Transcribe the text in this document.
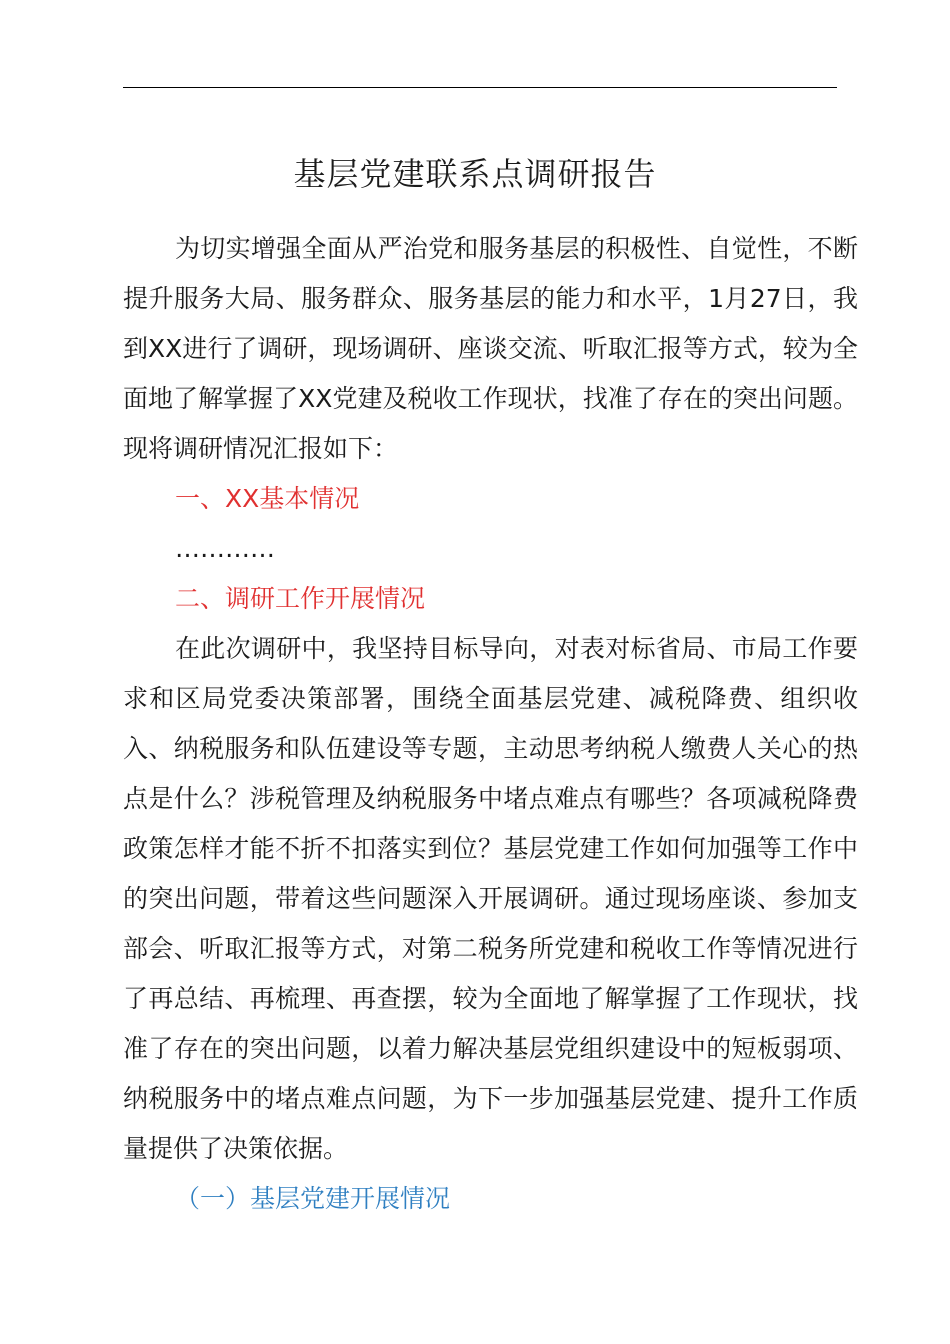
基层党建联系点调研报告

为切实增强全面从严治党和服务基层的积极性、自觉性，不断提升服务大局、服务群众、服务基层的能力和水平，1月27日，我到XX进行了调研，现场调研、座谈交流、听取汇报等方式，较为全面地了解掌握了XX党建及税收工作现状，找准了存在的突出问题。现将调研情况汇报如下：

一、XX基本情况

…………

二、调研工作开展情况

在此次调研中，我坚持目标导向，对表对标省局、市局工作要求和区局党委决策部署，围绕全面基层党建、减税降费、组织收入、纳税服务和队伍建设等专题，主动思考纳税人缴费人关心的热点是什么？涉税管理及纳税服务中堵点难点有哪些？各项减税降费政策怎样才能不折不扣落实到位？基层党建工作如何加强等工作中的突出问题，带着这些问题深入开展调研。通过现场座谈、参加支部会、听取汇报等方式，对第二税务所党建和税收工作等情况进行了再总结、再梳理、再查摆，较为全面地了解掌握了工作现状，找准了存在的突出问题，以着力解决基层党组织建设中的短板弱项、纳税服务中的堵点难点问题，为下一步加强基层党建、提升工作质量提供了决策依据。

（一）基层党建开展情况
